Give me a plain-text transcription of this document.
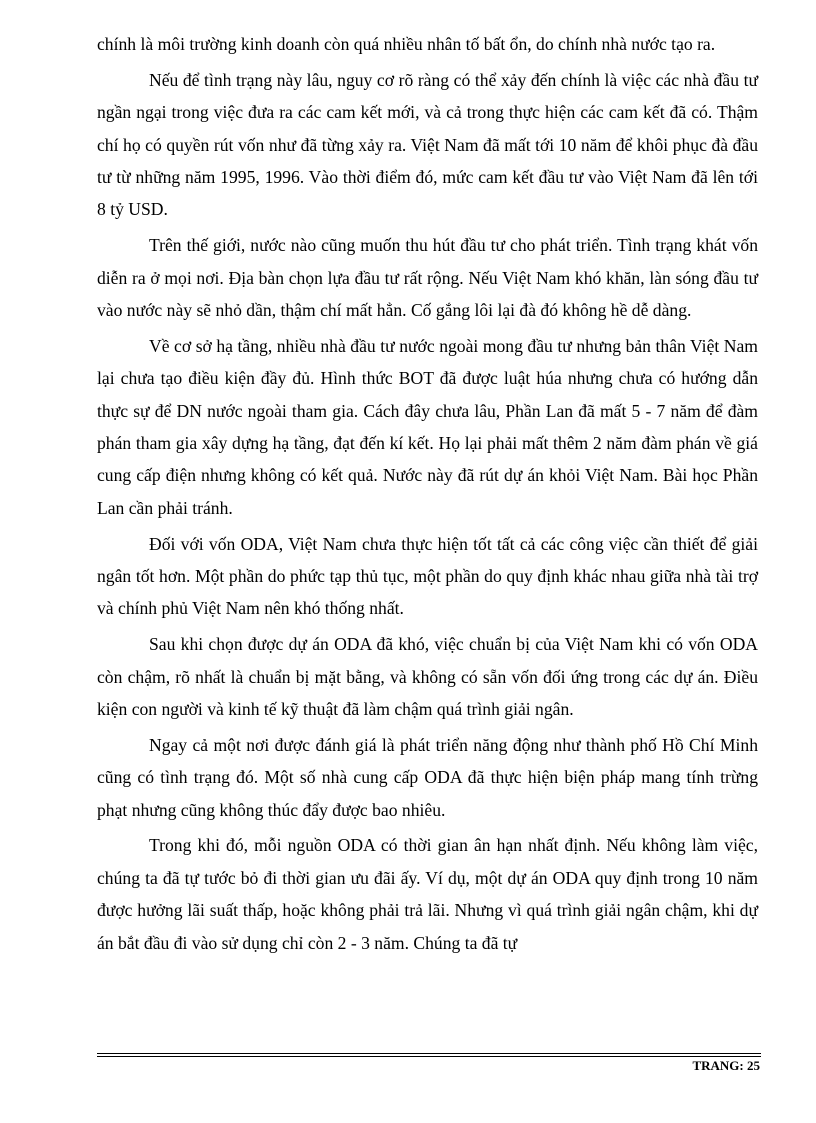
chính là môi trường kinh doanh còn quá nhiều nhân tố bất ổn, do chính nhà nước tạo ra.

Nếu để tình trạng này lâu, nguy cơ rõ ràng có thể xảy đến chính là việc các nhà đầu tư ngần ngại trong việc đưa ra các cam kết mới, và cả trong thực hiện các cam kết đã có. Thậm chí họ có quyền rút vốn như đã từng xảy ra. Việt Nam đã mất tới 10 năm để khôi phục đà đầu tư từ những năm 1995, 1996. Vào thời điểm đó, mức cam kết đầu tư vào Việt Nam đã lên tới 8 tỷ USD.

Trên thế giới, nước nào cũng muốn thu hút đầu tư cho phát triển. Tình trạng khát vốn diễn ra ở mọi nơi. Địa bàn chọn lựa đầu tư rất rộng. Nếu Việt Nam khó khăn, làn sóng đầu tư vào nước này sẽ nhỏ dần, thậm chí mất hẳn. Cố gắng lôi lại đà đó không hề dễ dàng.

Về cơ sở hạ tầng, nhiều nhà đầu tư nước ngoài mong đầu tư nhưng bản thân Việt Nam lại chưa tạo điều kiện đầy đủ. Hình thức BOT đã được luật húa nhưng chưa có hướng dẫn thực sự để DN nước ngoài tham gia. Cách đây chưa lâu, Phần Lan đã mất 5 - 7 năm để đàm phán tham gia xây dựng hạ tầng, đạt đến kí kết. Họ lại phải mất thêm 2 năm đàm phán về giá cung cấp điện nhưng không có kết quả. Nước này đã rút dự án khỏi Việt Nam. Bài học Phần Lan cần phải tránh.

Đối với vốn ODA, Việt Nam chưa thực hiện tốt tất cả các công việc cần thiết để giải ngân tốt hơn. Một phần do phức tạp thủ tục, một phần do quy định khác nhau giữa nhà tài trợ và chính phủ Việt Nam nên khó thống nhất.

Sau khi chọn được dự án ODA đã khó, việc chuẩn bị của Việt Nam khi có vốn ODA còn chậm, rõ nhất là chuẩn bị mặt bằng, và không có sẵn vốn đối ứng trong các dự án. Điều kiện con người và kinh tế kỹ thuật đã làm chậm quá trình giải ngân.

Ngay cả một nơi được đánh giá là phát triển năng động như thành phố Hồ Chí Minh cũng có tình trạng đó. Một số nhà cung cấp ODA đã thực hiện biện pháp mang tính trừng phạt nhưng cũng không thúc đẩy được bao nhiêu.

Trong khi đó, mỗi nguồn ODA có thời gian ân hạn nhất định. Nếu không làm việc, chúng ta đã tự tước bỏ đi thời gian ưu đãi ấy. Ví dụ, một dự án ODA quy định trong 10 năm được hưởng lãi suất thấp, hoặc không phải trả lãi. Nhưng vì quá trình giải ngân chậm, khi dự án bắt đầu đi vào sử dụng chỉ còn 2 - 3 năm. Chúng ta đã tự

TRANG: 25
